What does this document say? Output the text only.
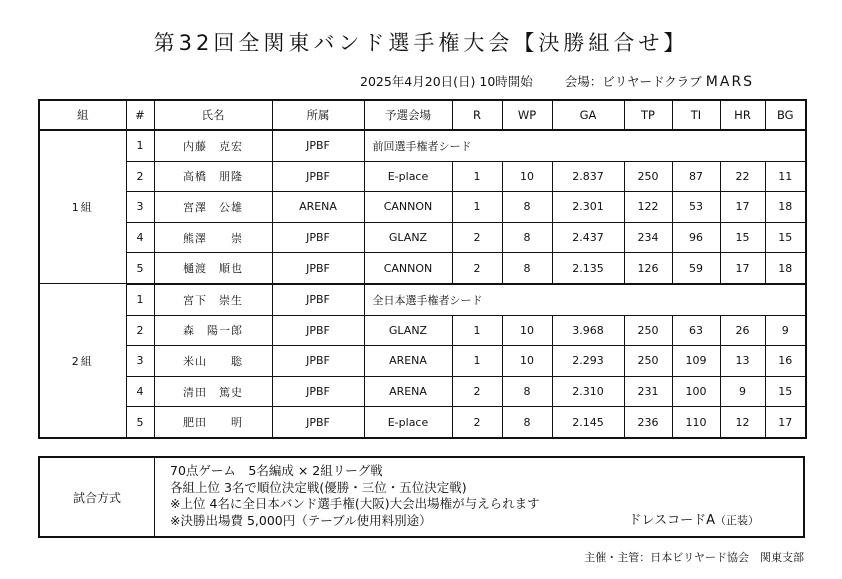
第32回全関東バンド選手権大会【決勝組合せ】
2025年4月20日(日) 10時開始	会場：ビリヤードクラブ MARS
組	#	氏名	所属	予選会場	R	WP	GA	TP	TI	HR	BG
1組	1	内藤　克宏	JPBF	前回選手権者シード							
	2	高橋　朋隆	JPBF	E-place	1	10	2.837	250	87	22	11
	3	宮澤　公雄	ARENA	CANNON	1	8	2.301	122	53	17	18
	4	熊澤　　崇	JPBF	GLANZ	2	8	2.437	234	96	15	15
	5	樋渡　順也	JPBF	CANNON	2	8	2.135	126	59	17	18
2組	1	宮下　崇生	JPBF	全日本選手権者シード							
	2	森　陽一郎	JPBF	GLANZ	1	10	3.968	250	63	26	9
	3	米山　　聡	JPBF	ARENA	1	10	2.293	250	109	13	16
	4	清田　篤史	JPBF	ARENA	2	8	2.310	231	100	9	15
	5	肥田　　明	JPBF	E-place	2	8	2.145	236	110	12	17
試合方式
70点ゲーム　5名編成 × 2組リーグ戦
各組上位 3名で順位決定戦(優勝・三位・五位決定戦)
※上位 4名に全日本バンド選手権(大阪)大会出場権が与えられます
※決勝出場費 5,000円（テーブル使用料別途）	ドレスコードA（正装）
主催・主管：日本ビリヤード協会　関東支部
